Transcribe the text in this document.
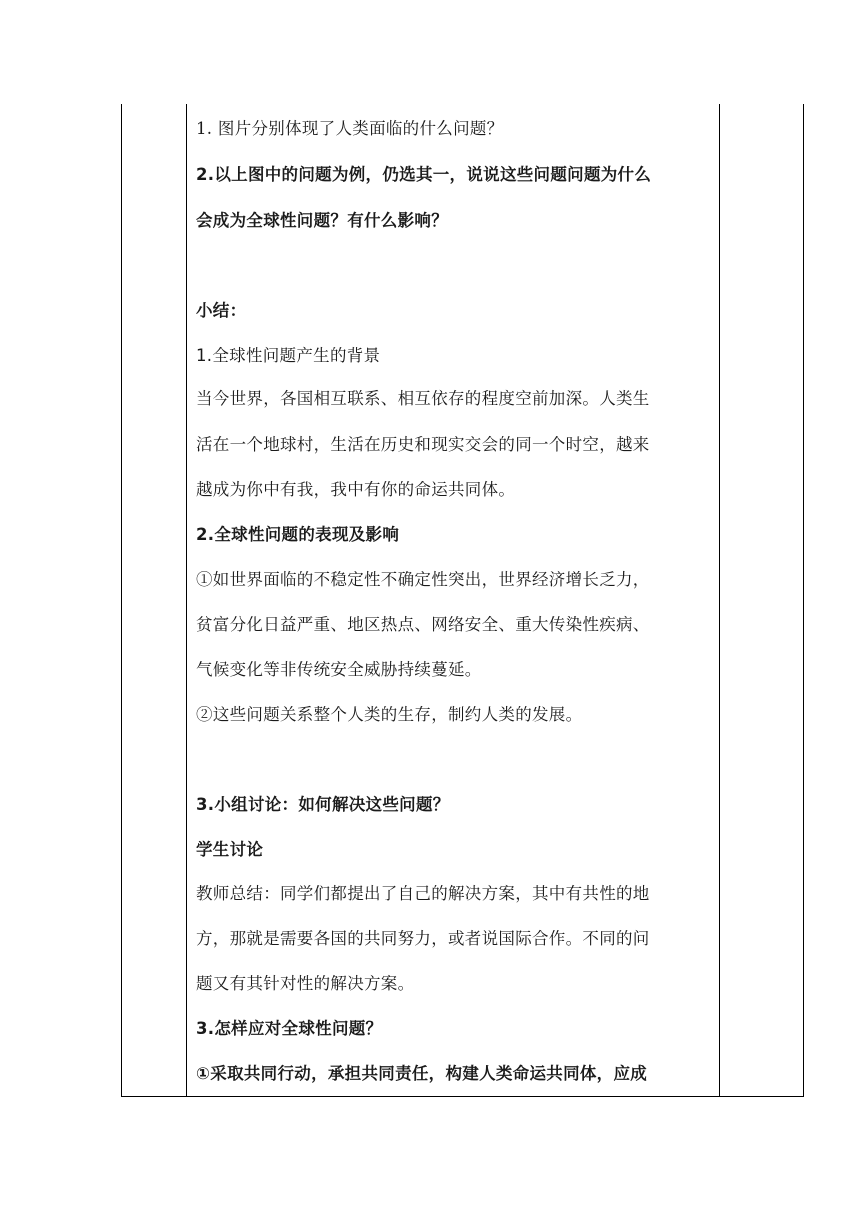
1. 图片分别体现了人类面临的什么问题？
2.以上图中的问题为例，仍选其一，说说这些问题问题为什么
会成为全球性问题？有什么影响？
小结：
1.全球性问题产生的背景
当今世界，各国相互联系、相互依存的程度空前加深。人类生
活在一个地球村，生活在历史和现实交会的同一个时空，越来
越成为你中有我，我中有你的命运共同体。
2.全球性问题的表现及影响
①如世界面临的不稳定性不确定性突出，世界经济增长乏力，
贫富分化日益严重、地区热点、网络安全、重大传染性疾病、
气候变化等非传统安全威胁持续蔓延。
②这些问题关系整个人类的生存，制约人类的发展。
3.小组讨论：如何解决这些问题？
学生讨论
教师总结：同学们都提出了自己的解决方案，其中有共性的地
方，那就是需要各国的共同努力，或者说国际合作。不同的问
题又有其针对性的解决方案。
3.怎样应对全球性问题？
①采取共同行动，承担共同责任，构建人类命运共同体，应成
